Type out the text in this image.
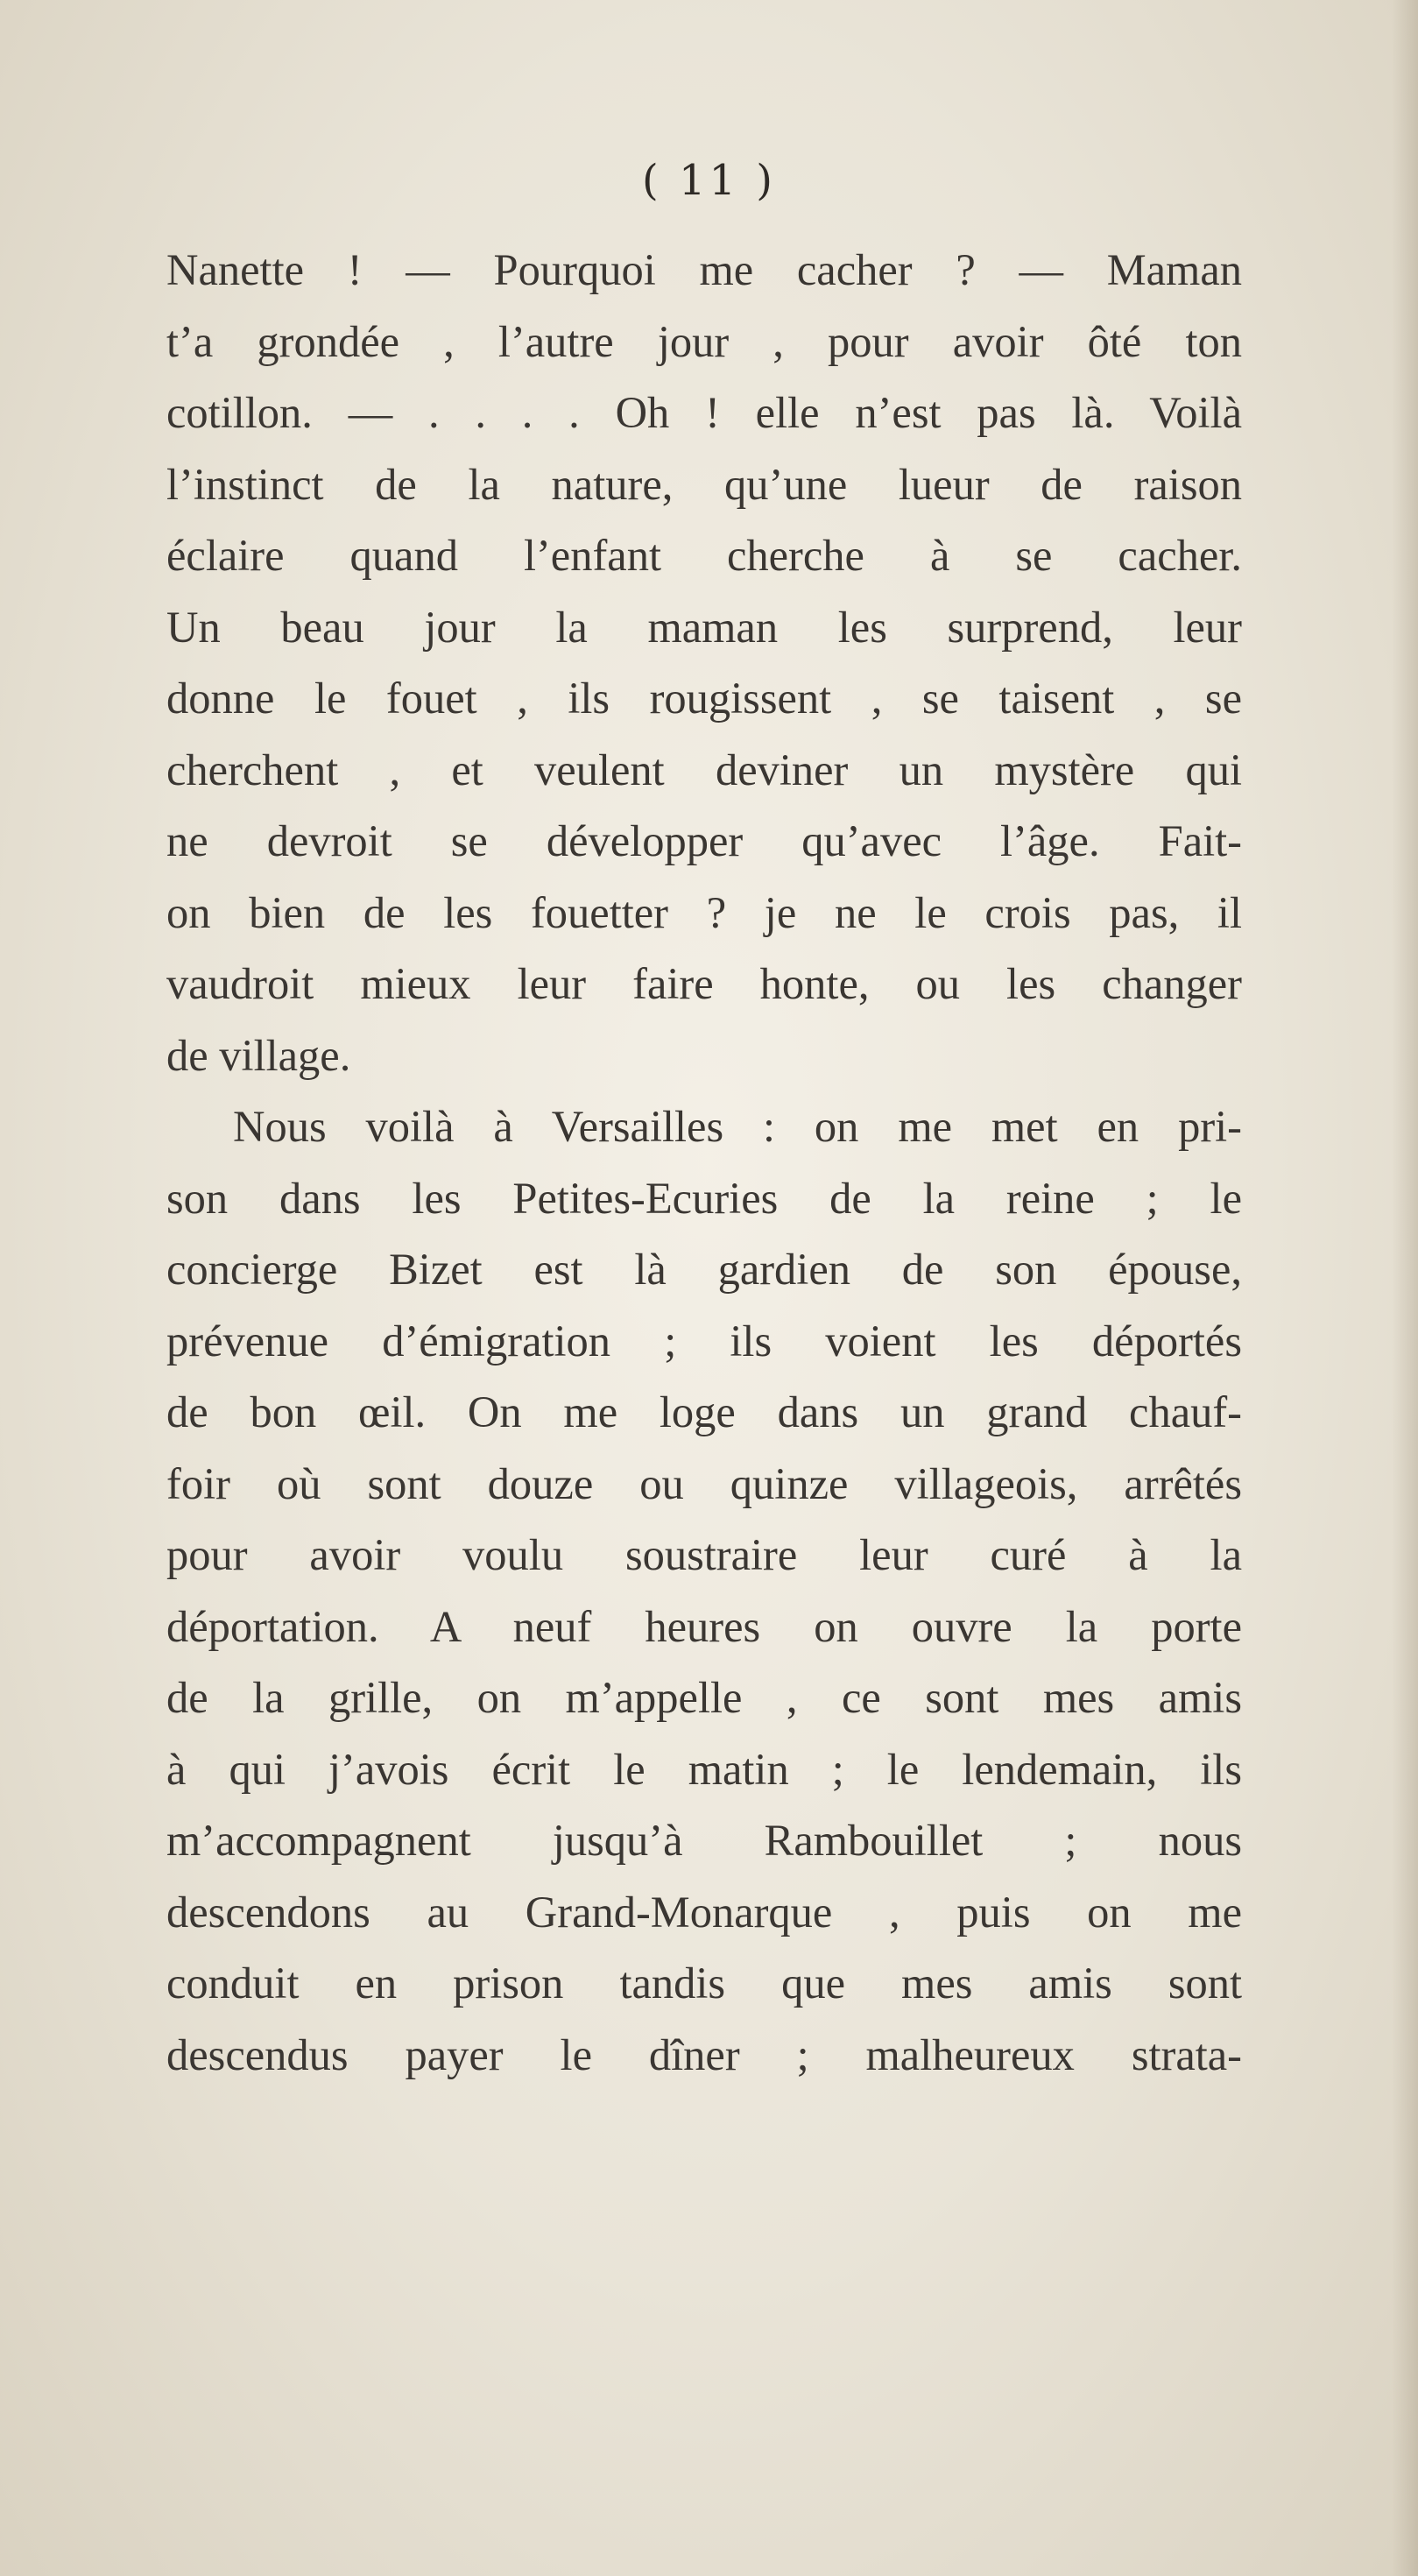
( 11 )
Nanette ! — Pourquoi me cacher ? — Maman
t’a grondée , l’autre jour , pour avoir ôté ton
cotillon. — . . . . Oh ! elle n’est pas là. Voilà
l’instinct de la nature, qu’une lueur de raison
éclaire quand l’enfant cherche à se cacher.
Un beau jour la maman les surprend, leur
donne le fouet , ils rougissent , se taisent , se
cherchent , et veulent deviner un mystère qui
ne devroit se développer qu’avec l’âge. Fait-
on bien de les fouetter ? je ne le crois pas, il
vaudroit mieux leur faire honte, ou les changer
de village.
Nous voilà à Versailles : on me met en pri-
son dans les Petites-Ecuries de la reine ; le
concierge Bizet est là gardien de son épouse,
prévenue d’émigration ; ils voient les déportés
de bon œil. On me loge dans un grand chauf-
foir où sont douze ou quinze villageois, arrêtés
pour avoir voulu soustraire leur curé à la
déportation. A neuf heures on ouvre la porte
de la grille, on m’appelle , ce sont mes amis
à qui j’avois écrit le matin ; le lendemain, ils
m’accompagnent jusqu’à Rambouillet ; nous
descendons au Grand-Monarque , puis on me
conduit en prison tandis que mes amis sont
descendus payer le dîner ; malheureux strata-
